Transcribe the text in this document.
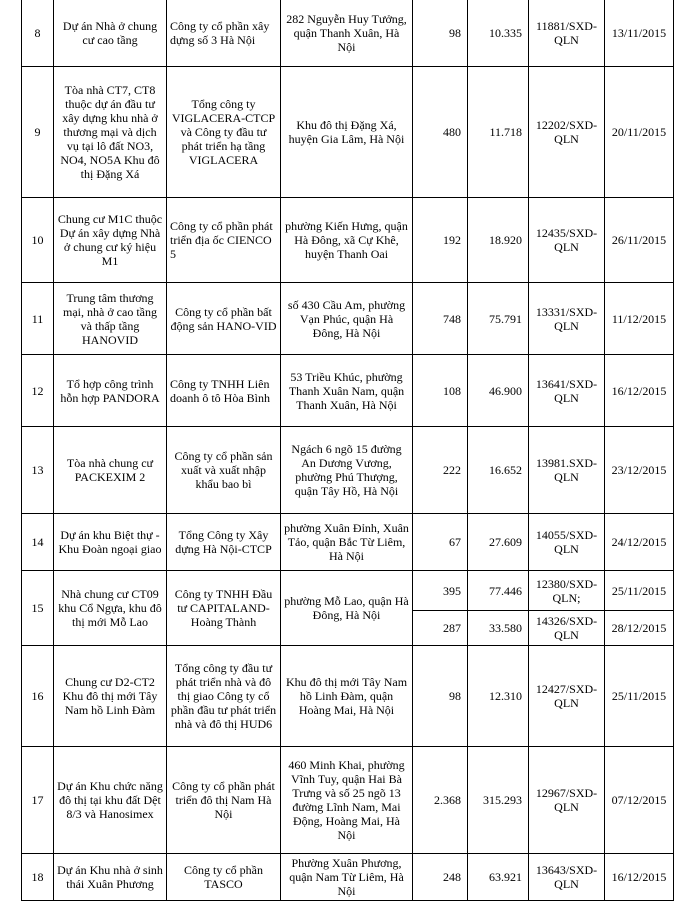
8	Dự án Nhà ở chung cư cao tầng	Công ty cổ phần xây dựng số 3 Hà Nội	282 Nguyễn Huy Tưởng, quận Thanh Xuân, Hà Nội	98	10.335	11881/SXD-QLN	13/11/2015
9	Tòa nhà CT7, CT8 thuộc dự án đầu tư xây dựng khu nhà ở thương mại và dịch vụ tại lô đất NO3, NO4, NO5A Khu đô thị Đặng Xá	Tổng công ty VIGLACERA-CTCP và Công ty đầu tư phát triển hạ tầng VIGLACERA	Khu đô thị Đặng Xá, huyện Gia Lâm, Hà Nội	480	11.718	12202/SXD-QLN	20/11/2015
10	Chung cư M1C thuộc Dự án xây dựng Nhà ở chung cư ký hiệu M1	Công ty cổ phần phát triển địa ốc CIENCO 5	phường Kiến Hưng, quận Hà Đông, xã Cự Khê, huyện Thanh Oai	192	18.920	12435/SXD-QLN	26/11/2015
11	Trung tâm thương mại, nhà ở cao tầng và thấp tầng HANOVID	Công ty cổ phần bất động sản HANO-VID	số 430 Cầu Am, phường Vạn Phúc, quận Hà Đông, Hà Nội	748	75.791	13331/SXD-QLN	11/12/2015
12	Tổ hợp công trình hỗn hợp PANDORA	Công ty TNHH Liên doanh ô tô Hòa Bình	53 Triều Khúc, phường Thanh Xuân Nam, quận Thanh Xuân, Hà Nội	108	46.900	13641/SXD-QLN	16/12/2015
13	Tòa nhà chung cư PACKEXIM 2	Công ty cổ phần sản xuất và xuất nhập khẩu bao bì	Ngách 6 ngõ 15 đường An Dương Vương, phường Phú Thượng, quận Tây Hồ, Hà Nội	222	16.652	13981.SXD-QLN	23/12/2015
14	Dự án khu Biệt thự - Khu Đoàn ngoại giao	Tổng Công ty Xây dựng Hà Nội-CTCP	phường Xuân Đỉnh, Xuân Tảo, quận Bắc Từ Liêm, Hà Nội	67	27.609	14055/SXD-QLN	24/12/2015
15	Nhà chung cư CT09 khu Cổ Ngựa, khu đô thị mới Mỗ Lao	Công ty TNHH Đầu tư CAPITALAND-Hoàng Thành	phường Mỗ Lao, quận Hà Đông, Hà Nội	395	77.446	12380/SXD-QLN;	25/11/2015
				287	33.580	14326/SXD-QLN	28/12/2015
16	Chung cư D2-CT2 Khu đô thị mới Tây Nam hồ Linh Đàm	Tổng công ty đầu tư phát triển nhà và đô thị giao Công ty cổ phần đầu tư phát triển nhà và đô thị HUD6	Khu đô thị mới Tây Nam hồ Linh Đàm, quận Hoàng Mai, Hà Nội	98	12.310	12427/SXD-QLN	25/11/2015
17	Dự án Khu chức năng đô thị tại khu đất Dệt 8/3 và Hanosimex	Công ty cổ phần phát triển đô thị Nam Hà Nội	460 Minh Khai, phường Vĩnh Tuy, quận Hai Bà Trưng và số 25 ngõ 13 đường Lĩnh Nam, Mai Động, Hoàng Mai, Hà Nội	2.368	315.293	12967/SXD-QLN	07/12/2015
18	Dự án Khu nhà ở sinh thái Xuân Phương	Công ty cổ phần TASCO	Phường Xuân Phương, quận Nam Từ Liêm, Hà Nội	248	63.921	13643/SXD-QLN	16/12/2015
